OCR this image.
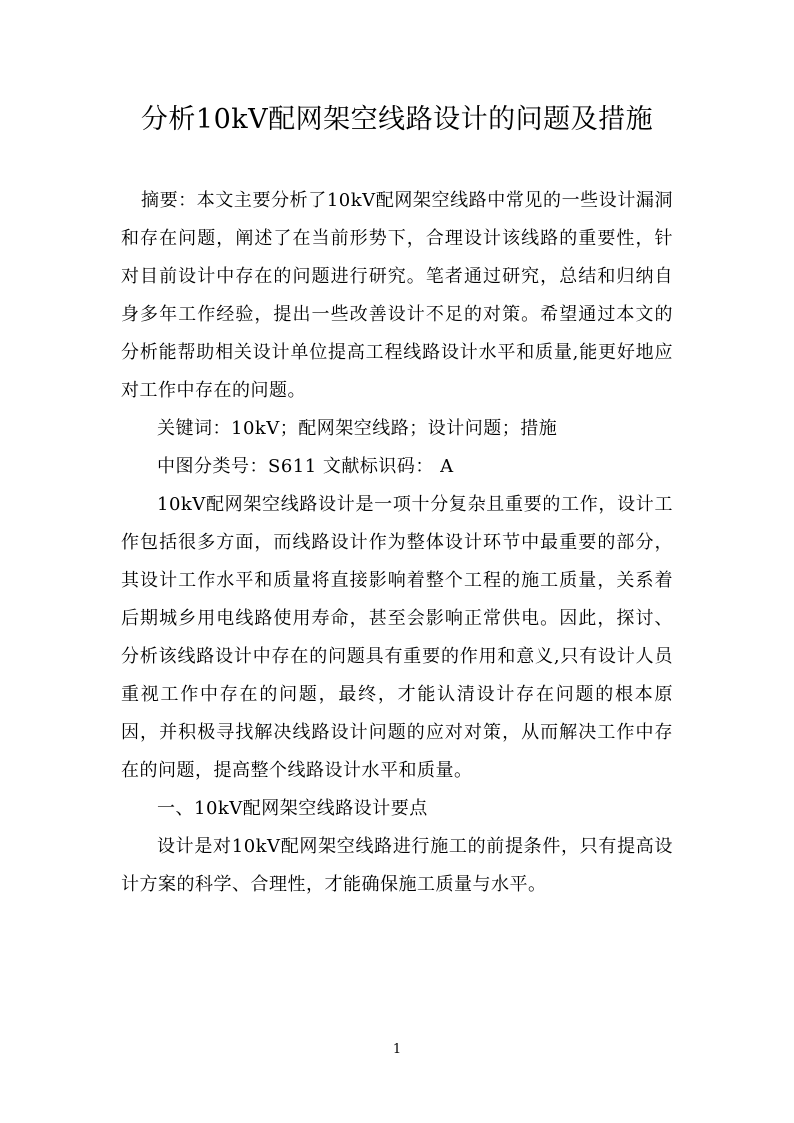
分析10kV配网架空线路设计的问题及措施

摘要：本文主要分析了10kV配网架空线路中常见的一些设计漏洞和存在问题，阐述了在当前形势下，合理设计该线路的重要性，针对目前设计中存在的问题进行研究。笔者通过研究，总结和归纳自身多年工作经验，提出一些改善设计不足的对策。希望通过本文的分析能帮助相关设计单位提高工程线路设计水平和质量,能更好地应对工作中存在的问题。

关键词：10kV；配网架空线路；设计问题；措施

中图分类号：S611 文献标识码： A

10kV配网架空线路设计是一项十分复杂且重要的工作，设计工作包括很多方面，而线路设计作为整体设计环节中最重要的部分，其设计工作水平和质量将直接影响着整个工程的施工质量，关系着后期城乡用电线路使用寿命，甚至会影响正常供电。因此，探讨、分析该线路设计中存在的问题具有重要的作用和意义,只有设计人员重视工作中存在的问题，最终，才能认清设计存在问题的根本原因，并积极寻找解决线路设计问题的应对对策，从而解决工作中存在的问题，提高整个线路设计水平和质量。

一、10kV配网架空线路设计要点

设计是对10kV配网架空线路进行施工的前提条件，只有提高设计方案的科学、合理性，才能确保施工质量与水平。

1
